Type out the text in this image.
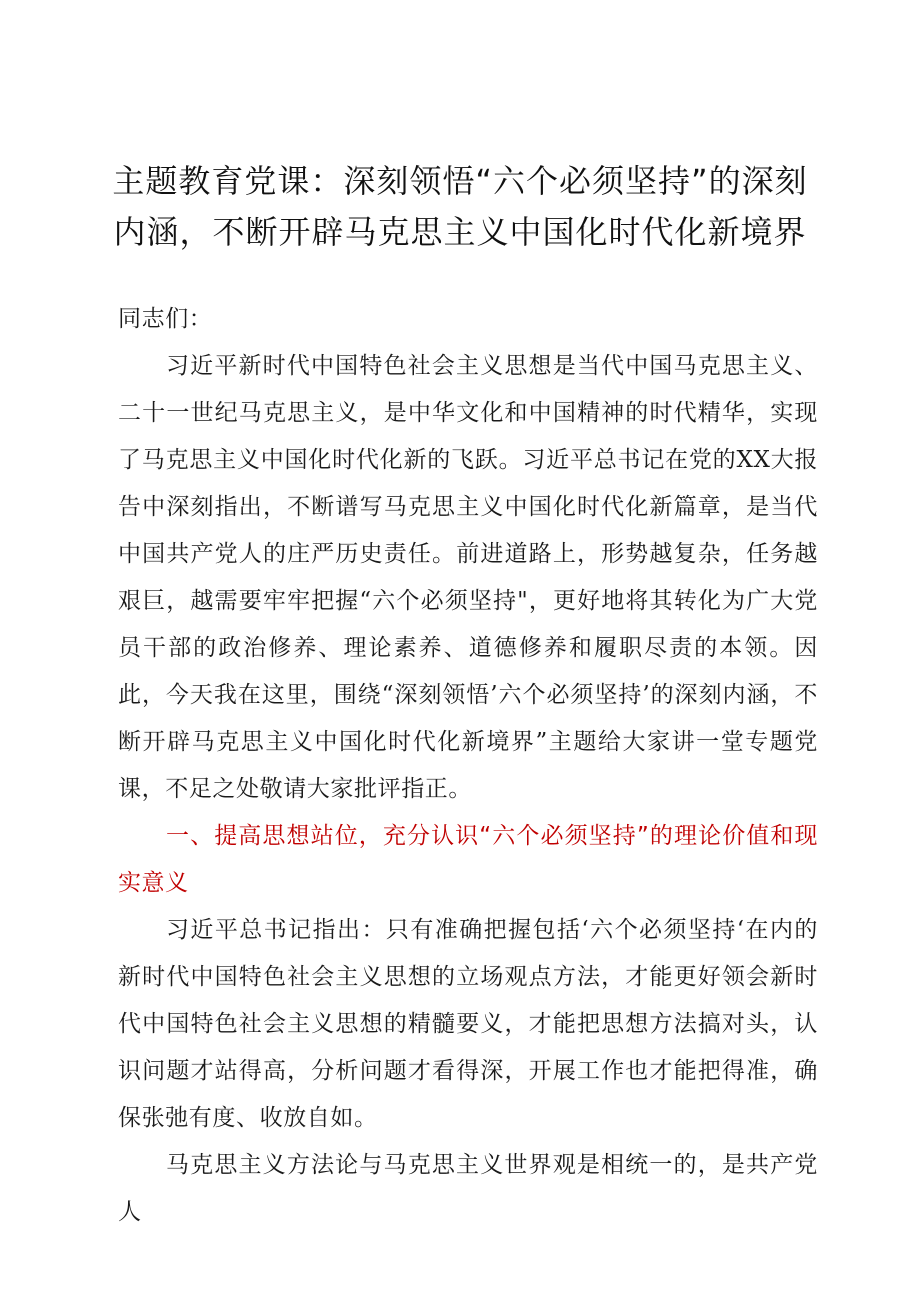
主题教育党课：深刻领悟“六个必须坚持”的深刻内涵，不断开辟马克思主义中国化时代化新境界

同志们：

习近平新时代中国特色社会主义思想是当代中国马克思主义、二十一世纪马克思主义，是中华文化和中国精神的时代精华，实现了马克思主义中国化时代化新的飞跃。习近平总书记在党的XX大报告中深刻指出，不断谱写马克思主义中国化时代化新篇章，是当代中国共产党人的庄严历史责任。前进道路上，形势越复杂，任务越艰巨，越需要牢牢把握“六个必须坚持"，更好地将其转化为广大党员干部的政治修养、理论素养、道德修养和履职尽责的本领。因此，今天我在这里，围绕“深刻领悟’六个必须坚持’的深刻内涵，不断开辟马克思主义中国化时代化新境界”主题给大家讲一堂专题党课，不足之处敬请大家批评指正。

一、提高思想站位，充分认识“六个必须坚持”的理论价值和现实意义

习近平总书记指出：只有准确把握包括‘六个必须坚持‘在内的新时代中国特色社会主义思想的立场观点方法，才能更好领会新时代中国特色社会主义思想的精髓要义，才能把思想方法搞对头，认识问题才站得高，分析问题才看得深，开展工作也才能把得准，确保张弛有度、收放自如。

马克思主义方法论与马克思主义世界观是相统一的，是共产党人
